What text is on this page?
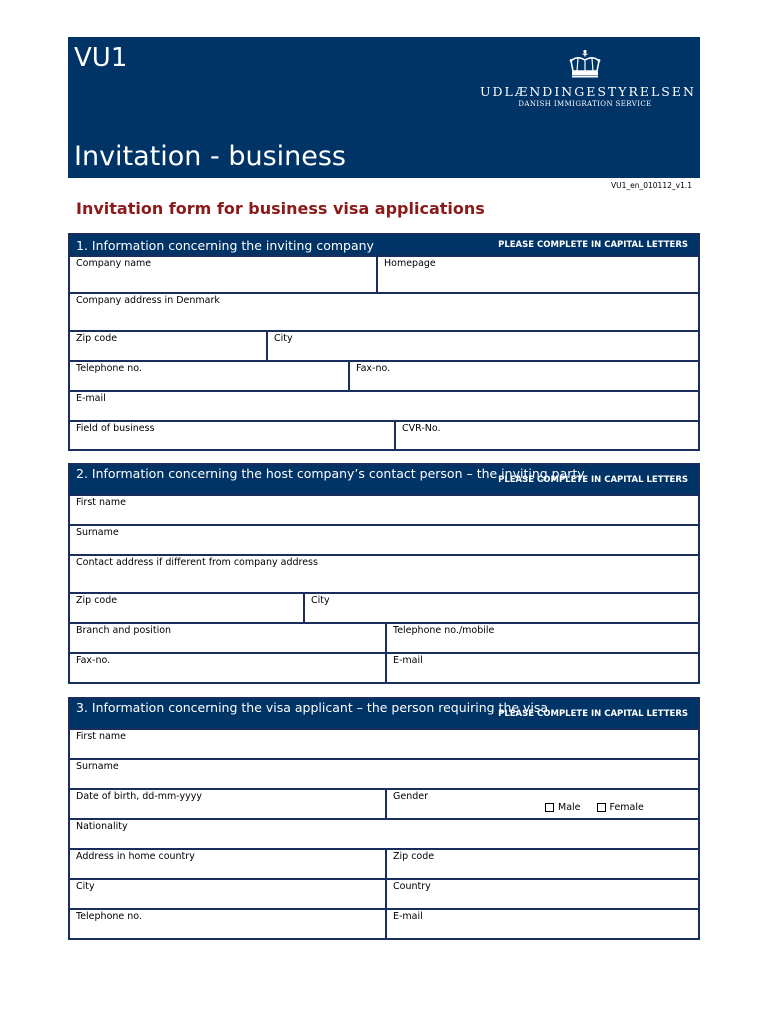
VU1
UDLÆNDINGESTYRELSEN
DANISH IMMIGRATION SERVICE
Invitation - business
VU1_en_010112_v1.1
Invitation form for business visa applications
1. Information concerning the inviting company	PLEASE COMPLETE IN CAPITAL LETTERS
Company name	Homepage
Company address in Denmark
Zip code	City
Telephone no.	Fax-no.
E-mail
Field of business	CVR-No.
2. Information concerning the host company’s contact person – the inviting party
PLEASE COMPLETE IN CAPITAL LETTERS
First name
Surname
Contact address if different from company address
Zip code	City
Branch and position	Telephone no./mobile
Fax-no.	E-mail
3. Information concerning the visa applicant – the person requiring the visa
PLEASE COMPLETE IN CAPITAL LETTERS
First name
Surname
Date of birth, dd-mm-yyyy	Gender
Male	Female
Nationality
Address in home country	Zip code
City	Country
Telephone no.	E-mail
